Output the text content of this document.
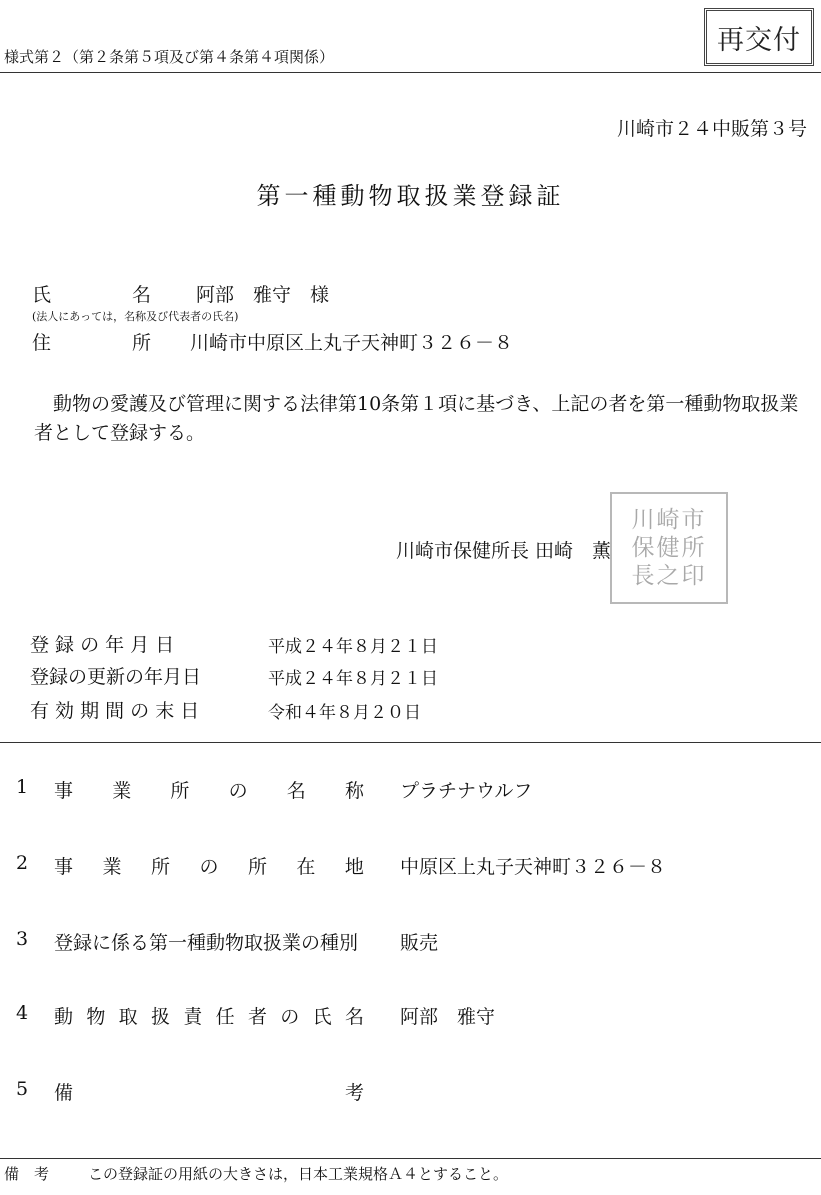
様式第２（第２条第５項及び第４条第４項関係）
再交付
川崎市２４中販第３号
第一種動物取扱業登録証
氏	名 阿部　雅守　様
(法人にあっては，名称及び代表者の氏名)
住	所 川崎市中原区上丸子天神町３２６－８
動物の愛護及び管理に関する法律第10条第１項に基づき、上記の者を第一種動物取扱業者として登録する。
川崎市保健所長之印
川崎市保健所長 田崎　薫
登 録 の 年 月 日	平成２４年８月２１日
登録の更新の年月日	平成２４年８月２１日
有 効 期 間 の 末 日	令和４年８月２０日
1 事 業 所 の 名 称 プラチナウルフ
2 事 業 所 の 所 在 地 中原区上丸子天神町３２６－８
3 登録に係る第一種動物取扱業の種別 販売
4 動 物 取 扱 責 任 者 の 氏 名 阿部　雅守
5 備	考
備　考	この登録証の用紙の大きさは，日本工業規格Ａ４とすること。
